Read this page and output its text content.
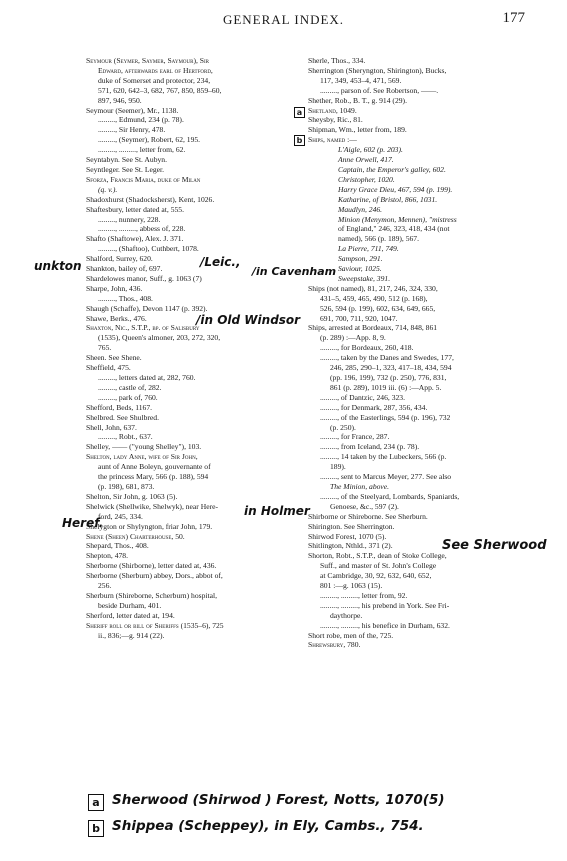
GENERAL INDEX.	177
Seymour (Seymer, Saymer, Saymour), Sir
Edward, afterwards earl of Hertford,
duke of Somerset and protector, 234,
571, 620, 642–3, 682, 767, 850, 859–60,
897, 946, 950.
Seymour (Seemer), Mr., 1138.
........., Edmund, 234 (p. 78).
........., Sir Henry, 478.
........., (Seymer), Robert, 62, 195.
........., ........., letter from, 62.
Seyntabyn. See St. Aubyn.
Seyntleger. See St. Leger.
Sforza, Francis Maria, duke of Milan
(q. v.).
Shadoxhurst (Shadocksherst), Kent, 1026.
Shaftesbury, letter dated at, 555.
........., nunnery, 228.
........., ........., abbess of, 228.
Shafto (Shaftowe), Alex. J. 371.
........., (Shaftoo), Cuthbert, 1078.
Shalford, Surrey, 620.
Shankton, bailey of, 697.
Shardelowes manor, Suff., g. 1063 (7)
Sharpe, John, 436.
........., Thos., 408.
Shaugh (Schaffe), Devon 1147 (p. 392).
Shawe, Berks., 476.
Shaxton, Nic., S.T.P., bp. of Salisbury
(1535), Queen's almoner, 203, 272, 320,
765.
Sheen. See Shene.
Sheffield, 475.
........., letters dated at, 282, 760.
........., castle of, 282.
........., park of, 760.
Shefford, Beds, 1167.
Shelbred. See Shulbred.
Shell, John, 637.
........., Robt., 637.
Shelley, —— ("young Shelley"), 103.
Shelton, lady Anne, wife of Sir John,
aunt of Anne Boleyn, gouvernante of
the princess Mary, 566 (p. 188), 594
(p. 198), 681, 873.
Shelton, Sir John, g. 1063 (5).
Shelwick (Shellwike, Shelwyk), near Here-
ford, 245, 334.
Shelygton or Shylyngton, friar John, 179.
Shene (Sheen) Charterhouse, 50.
Shepard, Thos., 408.
Shepton, 478.
Sherborne (Shirborne), letter dated at, 436.
Sherborne (Sherburn) abbey, Dors., abbot of,
256.
Sherburn (Shireborne, Scherburn) hospital,
beside Durham, 401.
Sherford, letter dated at, 194.
Sheriff roll or bill of Sheriffs (1535–6), 725
ii., 836;—g. 914 (22).
Sherle, Thos., 334.
Sherrington (Sheryngton, Shirington), Bucks,
117, 349, 453–4, 471, 569.
........., parson of. See Robertson, ——.
Shether, Rob., B. T., g. 914 (29).
Shetland, 1049.
Sheysby, Ric., 81.
Shipman, Wm., letter from, 189.
Ships, named :—
L'Aigle, 602 (p. 203).
Anne Orwell, 417.
Captain, the Emperor's galley, 602.
Christopher, 1020.
Harry Grace Dieu, 467, 594 (p. 199).
Katharine, of Bristol, 866, 1031.
Maudlyn, 246.
Minion (Menymon, Mennen), "mistress
of England," 246, 323, 418, 434 (not
named), 566 (p. 189), 567.
La Pierre, 711, 749.
Sampson, 291.
Saviour, 1025.
Sweepstake, 391.
Ships (not named), 81, 217, 246, 324, 330,
431–5, 459, 465, 490, 512 (p. 168),
526, 594 (p. 199), 602, 634, 649, 665,
691, 700, 711, 920, 1047.
Ships, arrested at Bordeaux, 714, 848, 861
(p. 289) :—App. 8, 9.
........., for Bordeaux, 260, 418.
........., taken by the Danes and Swedes, 177,
246, 285, 290–1, 323, 417–18, 434, 594
(pp. 196, 199), 732 (p. 250), 776, 831,
861 (p. 289), 1019 iii. (6) :—App. 5.
........., of Dantzic, 246, 323.
........., for Denmark, 287, 356, 434.
........., of the Easterlings, 594 (p. 196), 732
(p. 250).
........., for France, 287.
........., from Iceland, 234 (p. 78).
........., 14 taken by the Lubeckers, 566 (p.
189).
........., sent to Marcus Meyer, 277. See also
The Minion, above.
........., of the Steelyard, Lombards, Spaniards,
Genoese, &c., 597 (2).
Shirborne or Shireborne. See Sherburn.
Shirington. See Sherrington.
Shirwod Forest, 1070 (5).
Shitlington, Nthld., 371 (2).
Shorton, Robt., S.T.P., dean of Stoke College,
Suff., and master of St. John's College
at Cambridge, 30, 92, 632, 640, 652,
801 :—g. 1063 (15).
........., ........., letter from, 92.
........., ........., his prebend in York. See Fri-
daythorpe.
........., ........., his benefice in Durham, 632.
Short robe, men of the, 725.
Shrewsbury, 780.
unkton	/Leic.,
/in Cavenham
/in Old Windsor
in Holmer
Heref.
See Sherwood
a
b
a Sherwood (Shirwod ) Forest, Notts, 1070(5)
b Shippea (Scheppey), in Ely, Cambs., 754.
